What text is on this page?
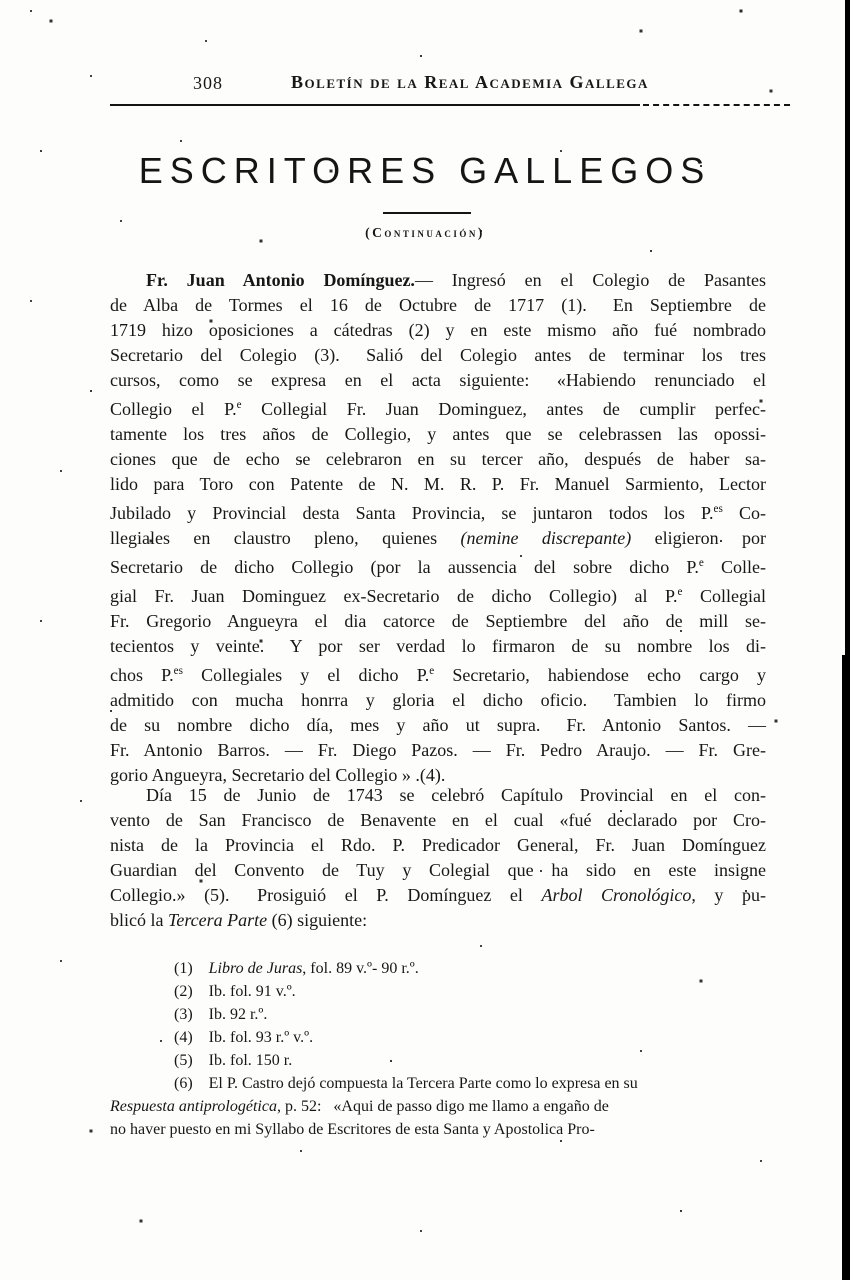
308	Boletín de la Real Academia Gallega
ESCRITORES GALLEGOS
(Continuación)
  Fr. Juan Antonio Domínguez.— Ingresó en el Colegio de Pasantes
de Alba de Tormes el 16 de Octubre de 1717 (1).  En Septiembre de
1719 hizo oposiciones a cátedras (2) y en este mismo año fué nombrado
Secretario del Colegio (3).  Salió del Colegio antes de terminar los tres
cursos, como se expresa en el acta siguiente:  «Habiendo renunciado el
Collegio el P.$^e$ Collegial Fr. Juan Dominguez, antes de cumplir perfec-
tamente los tres años de Collegio, y antes que se celebrassen las opossi-
ciones que de echo se celebraron en su tercer año, después de haber sa-
lido para Toro con Patente de N. M. R. P. Fr. Manuel Sarmiento, Lector
Jubilado y Provincial desta Santa Provincia, se juntaron todos los P.$^{es}$ Co-
llegiales en claustro pleno, quienes (nemine discrepante) eligieron por
Secretario de dicho Collegio (por la aussencia del sobre dicho P.$^e$ Colle-
gial Fr. Juan Dominguez ex-Secretario de dicho Collegio) al P.$^e$ Collegial
Fr. Gregorio Angueyra el dia catorce de Septiembre del año de mill se-
tecientos y veinte.  Y por ser verdad lo firmaron de su nombre los di-
chos P.$^{es}$ Collegiales y el dicho P.$^e$ Secretario, habiendose echo cargo y
admitido con mucha honrra y gloria el dicho oficio.  Tambien lo firmo
de su nombre dicho día, mes y año ut supra.  Fr. Antonio Santos. —
Fr. Antonio Barros. — Fr. Diego Pazos. — Fr. Pedro Araujo. — Fr. Gre-
gorio Angueyra, Secretario del Collegio » .(4).
  Día 15 de Junio de 1743 se celebró Capítulo Provincial en el con-
vento de San Francisco de Benavente en el cual «fué declarado por Cro-
nista de la Provincia el Rdo. P. Predicador General, Fr. Juan Domínguez
Guardian del Convento de Tuy y Colegial que ha sido en este insigne
Collegio.» (5).  Prosiguió el P. Domínguez el Arbol Cronológico, y pu-
blicó la Tercera Parte (6) siguiente:
    (1)  Libro de Juras, fol. 89 v.º- 90 r.º.
    (2)  Ib. fol. 91 v.º.
    (3)  Ib. 92 r.º.
    (4)  Ib. fol. 93 r.º v.º.
    (5)  Ib. fol. 150 r.
    (6)  El P. Castro dejó compuesta la Tercera Parte como lo expresa en su
Respuesta antiprologética, p. 52:  «Aqui de passo digo me llamo a engaño de
no haver puesto en mi Syllabo de Escritores de esta Santa y Apostolica Pro-
